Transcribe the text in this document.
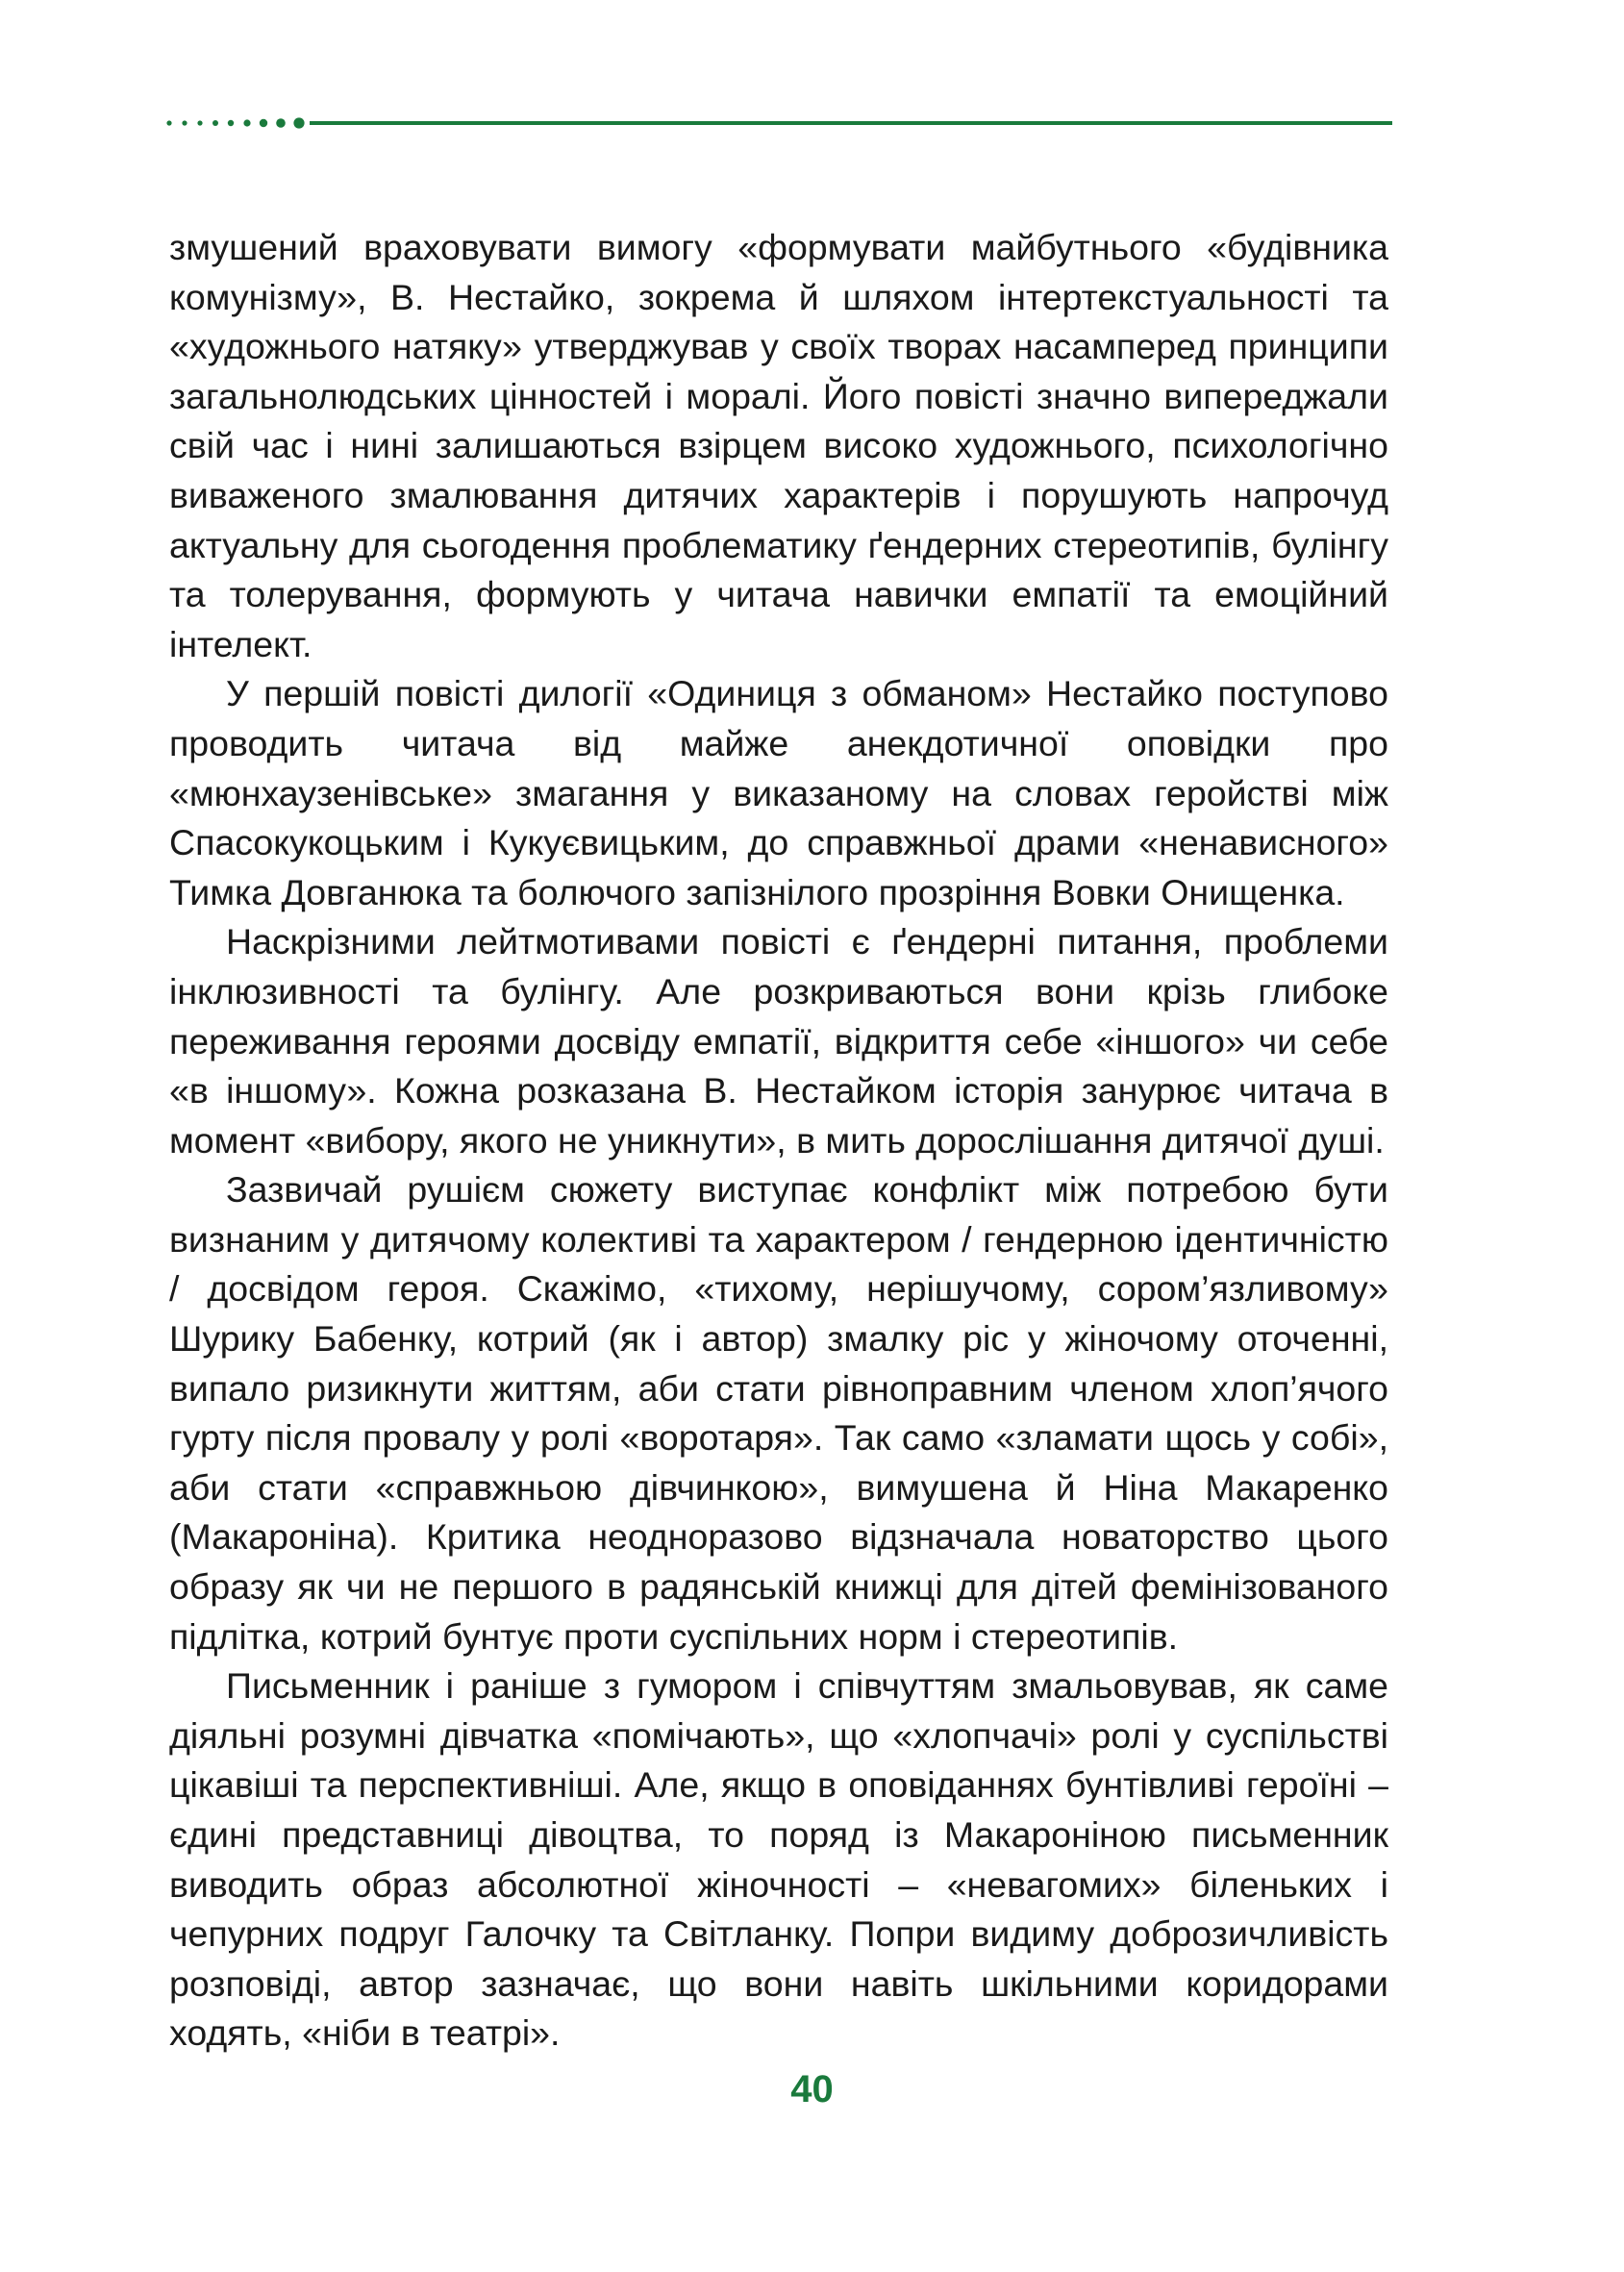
змушений враховувати вимогу «формувати майбутнього «будівника комунізму», В. Нестайко, зокрема й шляхом інтертекстуальності та «художнього натяку» утверджував у своїх творах насамперед принципи загальнолюдських цінностей і моралі. Його повісті значно випереджали свій час і нині залишаються взірцем високо художнього, психологічно виваженого змалювання дитячих характерів і порушують напрочуд актуальну для сьогодення проблематику ґендерних стереотипів, булінгу та толерування, формують у читача навички емпатії та емоційний інтелект.

У першій повісті дилогії «Одиниця з обманом» Нестайко поступово проводить читача від майже анекдотичної оповідки про «мюнхаузенівське» змагання у виказаному на словах геройстві між Спасокукоцьким і Кукуєвицьким, до справжньої драми «ненависного» Тимка Довганюка та болючого запізнілого прозріння Вовки Онищенка.

Наскрізними лейтмотивами повісті є ґендерні питання, проблеми інклюзивності та булінгу. Але розкриваються вони крізь глибоке переживання героями досвіду емпатії, відкриття себе «іншого» чи себе «в іншому». Кожна розказана В. Нестайком історія занурює читача в момент «вибору, якого не уникнути», в мить дорослішання дитячої душі.

Зазвичай рушієм сюжету виступає конфлікт між потребою бути визнаним у дитячому колективі та характером / гендерною ідентичністю / досвідом героя. Скажімо, «тихому, нерішучому, сором’язливому» Шурику Бабенку, котрий (як і автор) змалку ріс у жіночому оточенні, випало ризикнути життям, аби стати рівноправним членом хлоп’ячого гурту після провалу у ролі «воротаря». Так само «зламати щось у собі», аби стати «справжньою дівчинкою», вимушена й Ніна Макаренко (Макароніна). Критика неодноразово відзначала новаторство цього образу як чи не першого в радянській книжці для дітей фемінізованого підлітка, котрий бунтує проти суспільних норм і стереотипів.

Письменник і раніше з гумором і співчуттям змальовував, як саме діяльні розумні дівчатка «помічають», що «хлопчачі» ролі у суспільстві цікавіші та перспективніші. Але, якщо в оповіданнях бунтівливі героїні – єдині представниці дівоцтва, то поряд із Макароніною письменник виводить образ абсолютної жіночності – «невагомих» біленьких і чепурних подруг Галочку та Світланку. Попри видиму доброзичливість розповіді, автор зазначає, що вони навіть шкільними коридорами ходять, «ніби в театрі».

40
